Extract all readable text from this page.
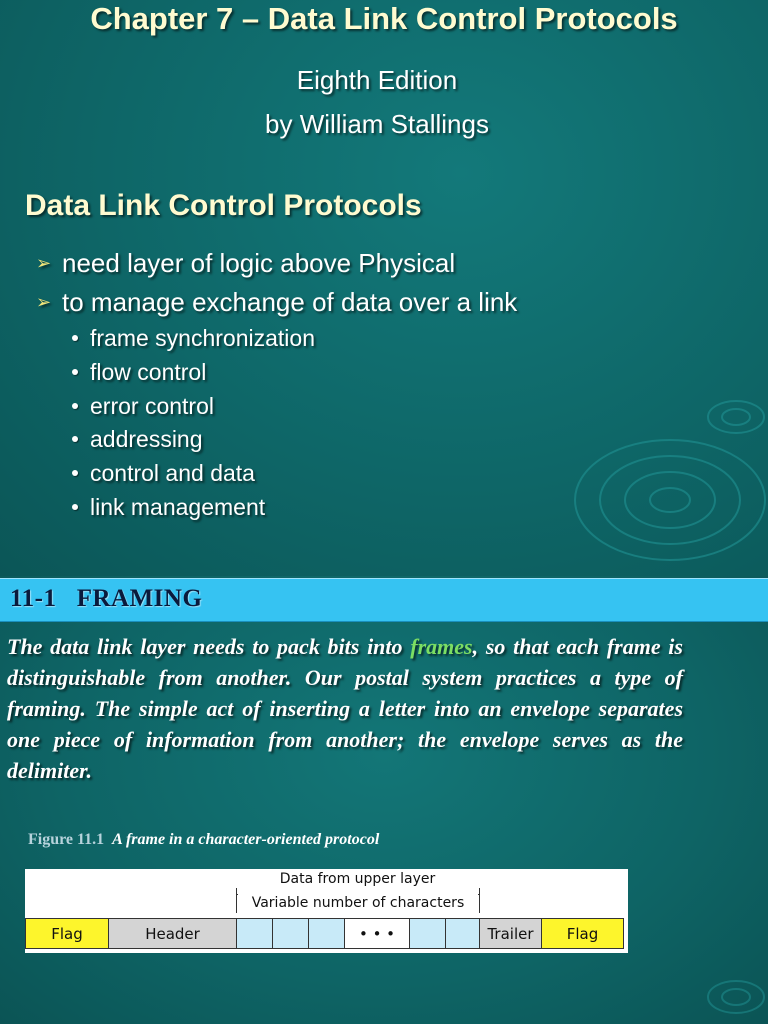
Chapter 7 – Data Link Control Protocols
Eighth Edition
by William Stallings
Data Link Control Protocols
➢ need layer of logic above Physical
➢ to manage exchange of data over a link
frame synchronization
flow control
error control
addressing
control and data
link management
11-1   FRAMING
The data link layer needs to pack bits into frames, so that each frame is distinguishable from another. Our postal system practices a type of framing. The simple act of inserting a letter into an envelope separates one piece of information from another; the envelope serves as the delimiter.
Figure 11.1 A frame in a character-oriented protocol
Data from upper layer
Variable number of characters
Flag	Header	• • •	Trailer	Flag
